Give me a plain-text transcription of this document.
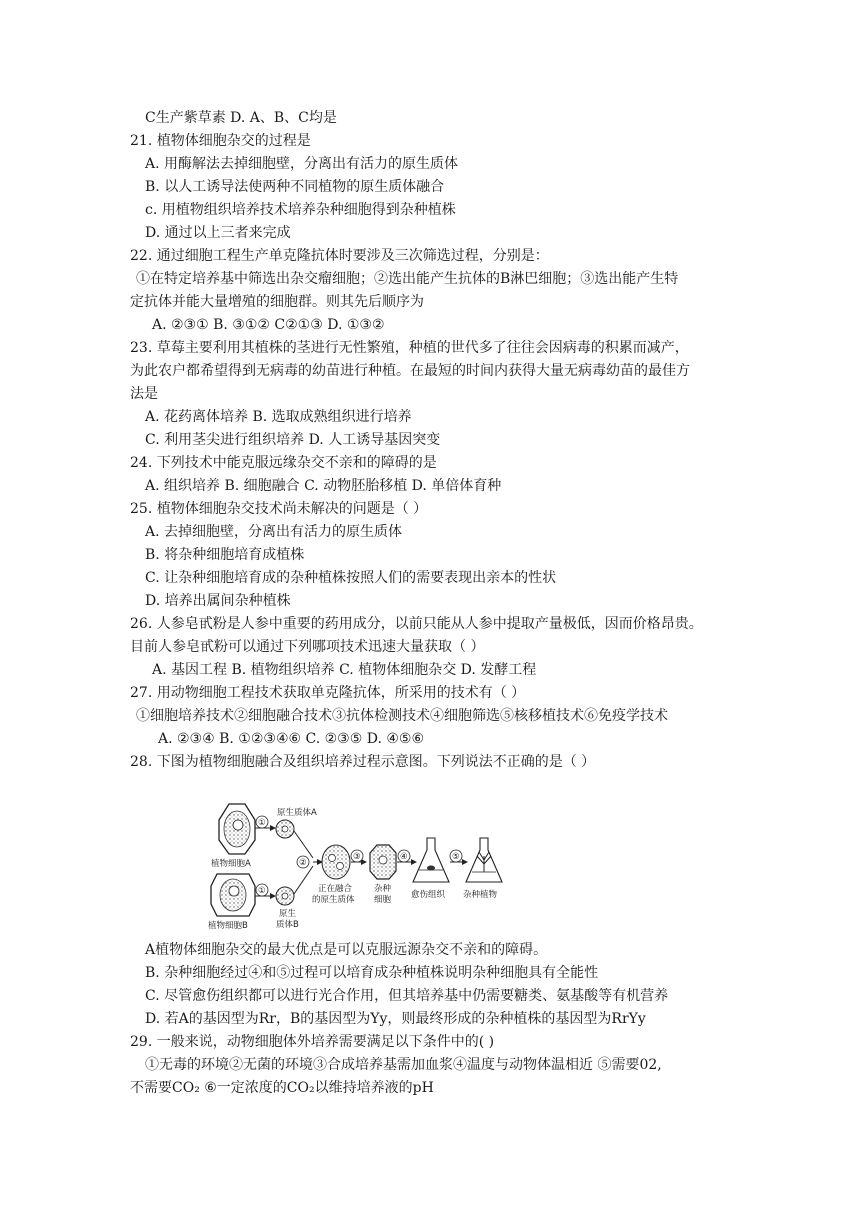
C生产紫草素 D. A、B、C均是
21. 植物体细胞杂交的过程是
A. 用酶解法去掉细胞壁，分离出有活力的原生质体
B. 以人工诱导法使两种不同植物的原生质体融合
c. 用植物组织培养技术培养杂种细胞得到杂种植株
D. 通过以上三者来完成
22. 通过细胞工程生产单克隆抗体时要涉及三次筛选过程，分别是：
①在特定培养基中筛选出杂交瘤细胞；②选出能产生抗体的B淋巴细胞；③选出能产生特
定抗体并能大量增殖的细胞群。则其先后顺序为
A. ②③① B. ③①② C②①③ D. ①③②
23. 草莓主要利用其植株的茎进行无性繁殖，种植的世代多了往往会因病毒的积累而减产，
为此农户都希望得到无病毒的幼苗进行种植。在最短的时间内获得大量无病毒幼苗的最佳方
法是
A. 花药离体培养 B. 选取成熟组织进行培养
C. 利用茎尖进行组织培养 D. 人工诱导基因突变
24. 下列技术中能克服远缘杂交不亲和的障碍的是
A. 组织培养 B. 细胞融合 C. 动物胚胎移植 D. 单倍体育种
25. 植物体细胞杂交技术尚未解决的问题是（ ）
A. 去掉细胞壁，分离出有活力的原生质体
B. 将杂种细胞培育成植株
C. 让杂种细胞培育成的杂种植株按照人们的需要表现出亲本的性状
D. 培养出属间杂种植株
26. 人参皂甙粉是人参中重要的药用成分，以前只能从人参中提取产量极低，因而价格昂贵。
目前人参皂甙粉可以通过下列哪项技术迅速大量获取（ ）
A. 基因工程 B. 植物组织培养 C. 植物体细胞杂交 D. 发酵工程
27. 用动物细胞工程技术获取单克隆抗体，所采用的技术有（ ）
①细胞培养技术②细胞融合技术③抗体检测技术④细胞筛选⑤核移植技术⑥免疫学技术
A. ②③④ B. ①②③④⑥ C. ②③⑤ D. ④⑤⑥
28. 下图为植物细胞融合及组织培养过程示意图。下列说法不正确的是（ ）
植物细胞A
①
原生质体A
植物细胞B
①
原生
质体B
②
正在融合
的原生质体
③
杂种
细胞
④
愈伤组织
⑤
杂种植物
A植物体细胞杂交的最大优点是可以克服远源杂交不亲和的障碍。
B. 杂种细胞经过④和⑤过程可以培育成杂种植株说明杂种细胞具有全能性
C. 尽管愈伤组织都可以进行光合作用，但其培养基中仍需要糖类、氨基酸等有机营养
D. 若A的基因型为Rr，B的基因型为Yy，则最终形成的杂种植株的基因型为RrYy
29. 一般来说，动物细胞体外培养需要满足以下条件中的( )
①无毒的环境②无菌的环境③合成培养基需加血浆④温度与动物体温相近 ⑤需要02,
不需要CO₂ ⑥一定浓度的CO₂以维持培养液的pH
